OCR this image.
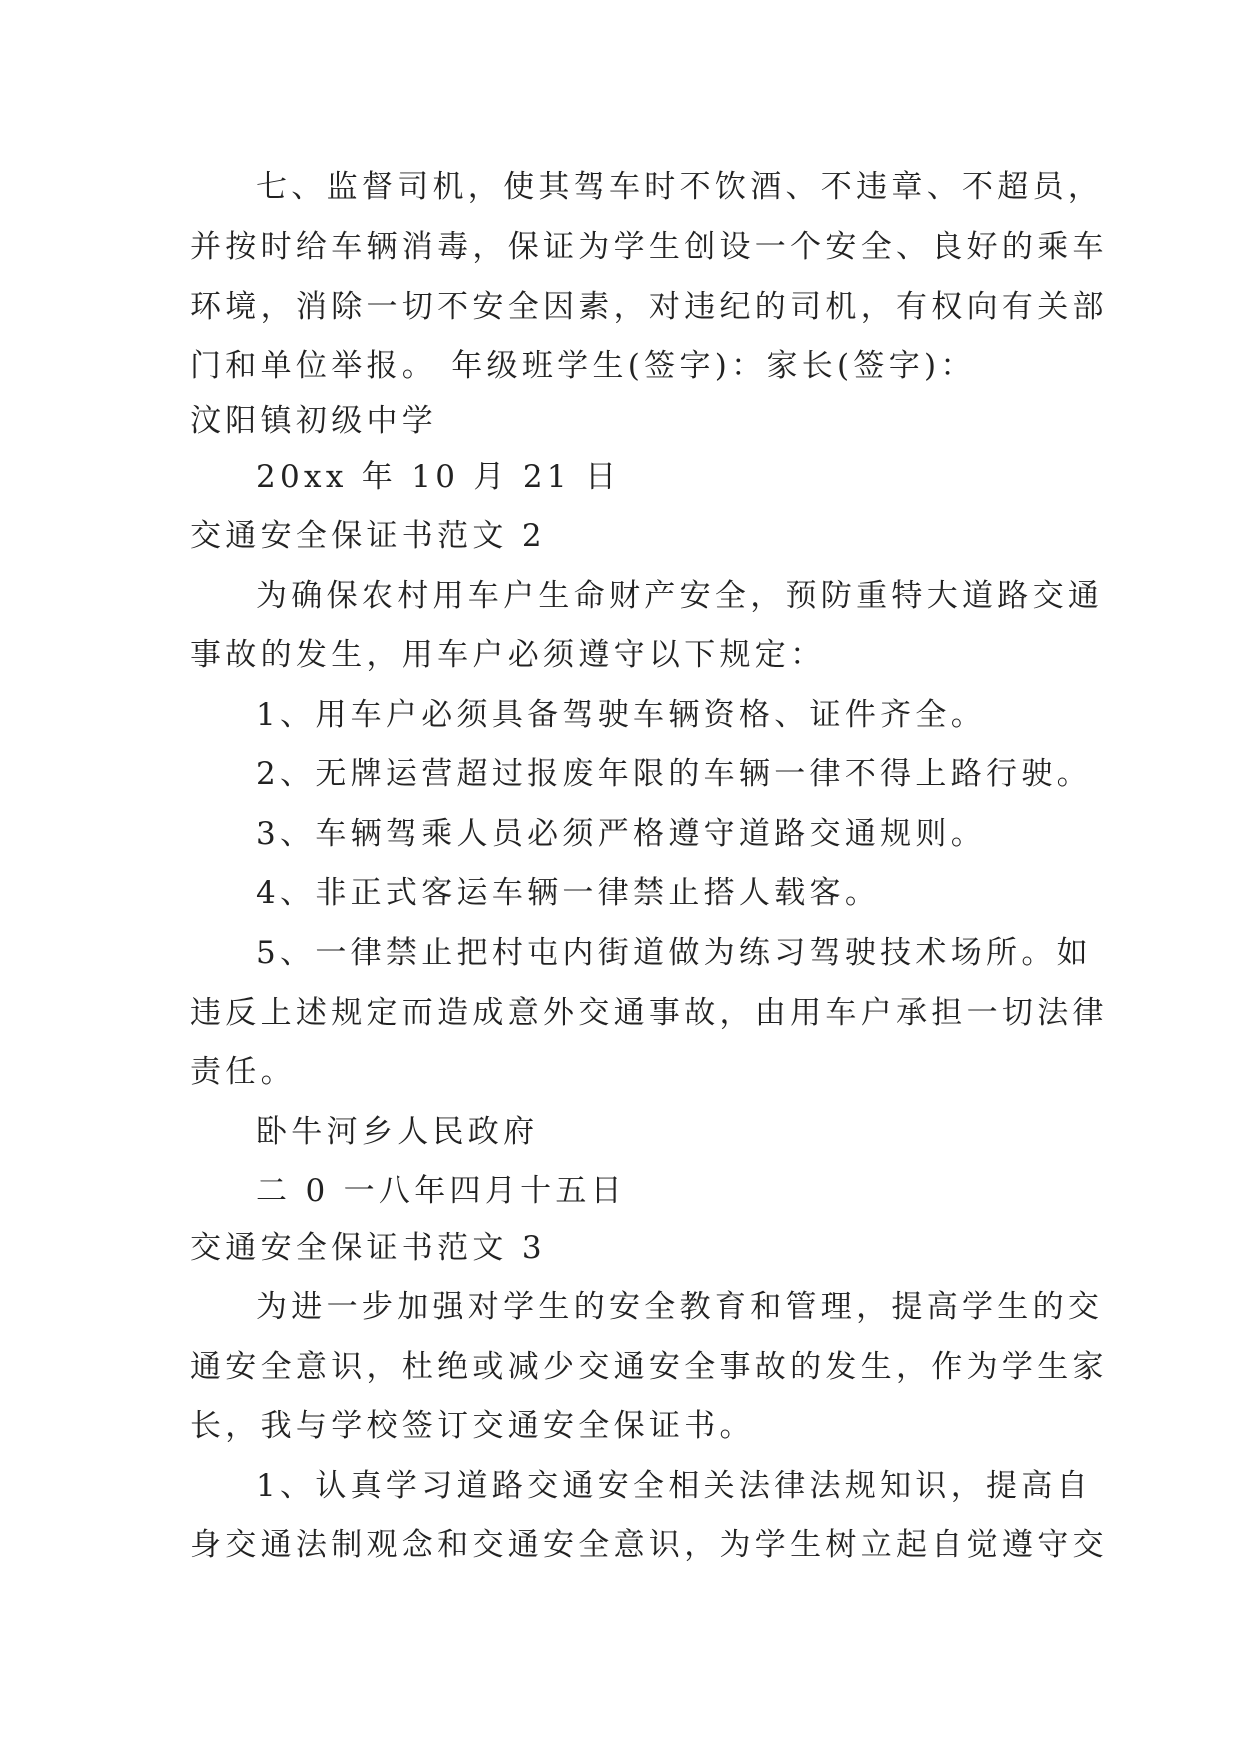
七、监督司机，使其驾车时不饮酒、不违章、不超员，
并按时给车辆消毒，保证为学生创设一个安全、良好的乘车
环境，消除一切不安全因素，对违纪的司机，有权向有关部
门和单位举报。 年级班学生(签字)：家长(签字)：
汶阳镇初级中学
20xx 年 10 月 21 日
交通安全保证书范文 2
为确保农村用车户生命财产安全，预防重特大道路交通
事故的发生，用车户必须遵守以下规定：
1、用车户必须具备驾驶车辆资格、证件齐全。
2、无牌运营超过报废年限的车辆一律不得上路行驶。
3、车辆驾乘人员必须严格遵守道路交通规则。
4、非正式客运车辆一律禁止搭人载客。
5、一律禁止把村屯内街道做为练习驾驶技术场所。如
违反上述规定而造成意外交通事故，由用车户承担一切法律
责任。
卧牛河乡人民政府
二 0 一八年四月十五日
交通安全保证书范文 3
为进一步加强对学生的安全教育和管理，提高学生的交
通安全意识，杜绝或减少交通安全事故的发生，作为学生家
长，我与学校签订交通安全保证书。
1、认真学习道路交通安全相关法律法规知识，提高自
身交通法制观念和交通安全意识，为学生树立起自觉遵守交
